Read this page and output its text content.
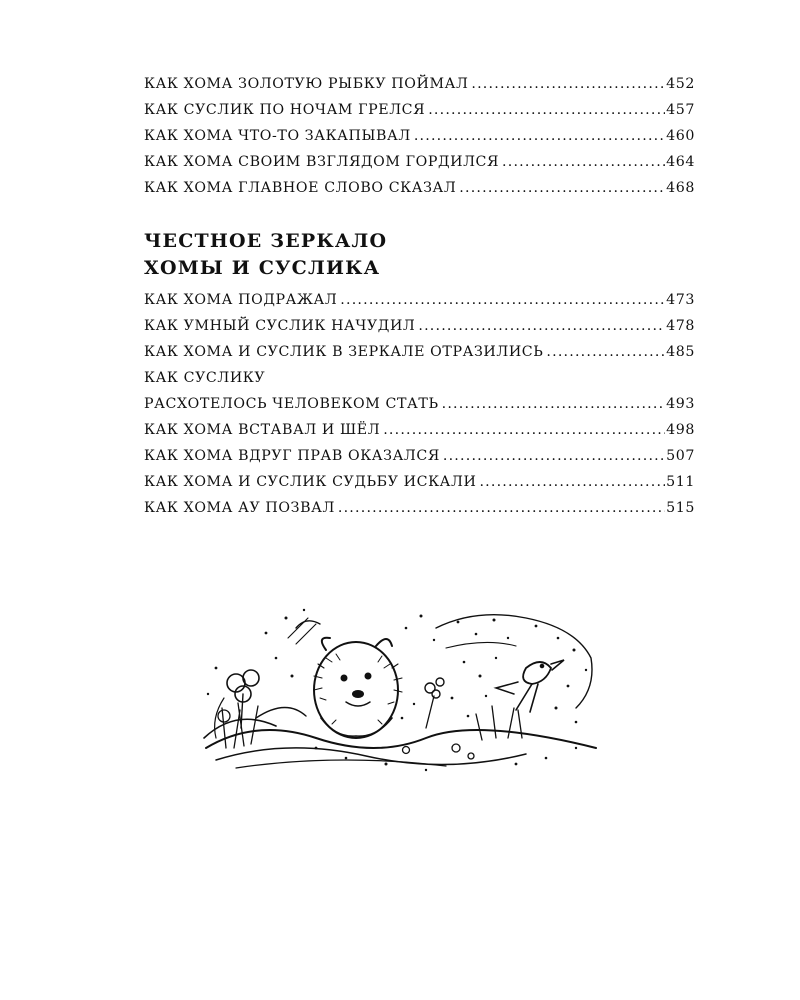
КАК ХОМА ЗОЛОТУЮ РЫБКУ ПОЙМАЛ .....	452
КАК СУСЛИК ПО НОЧАМ ГРЕЛСЯ .....	457
КАК ХОМА ЧТО-ТО ЗАКАПЫВАЛ .....	460
КАК ХОМА СВОИМ ВЗГЛЯДОМ ГОРДИЛСЯ .....	464
КАК ХОМА ГЛАВНОЕ СЛОВО СКАЗАЛ .....	468
ЧЕСТНОЕ ЗЕРКАЛО
ХОМЫ И СУСЛИКА
КАК ХОМА ПОДРАЖАЛ .....	473
КАК УМНЫЙ СУСЛИК НАЧУДИЛ .....	478
КАК ХОМА И СУСЛИК В ЗЕРКАЛЕ ОТРАЗИЛИСЬ .....	485
КАК СУСЛИКУ
РАСХОТЕЛОСЬ ЧЕЛОВЕКОМ СТАТЬ .....	493
КАК ХОМА ВСТАВАЛ И ШЁЛ .....	498
КАК ХОМА ВДРУГ ПРАВ ОКАЗАЛСЯ .....	507
КАК ХОМА И СУСЛИК СУДЬБУ ИСКАЛИ .....	511
КАК ХОМА АУ ПОЗВАЛ .....	515
